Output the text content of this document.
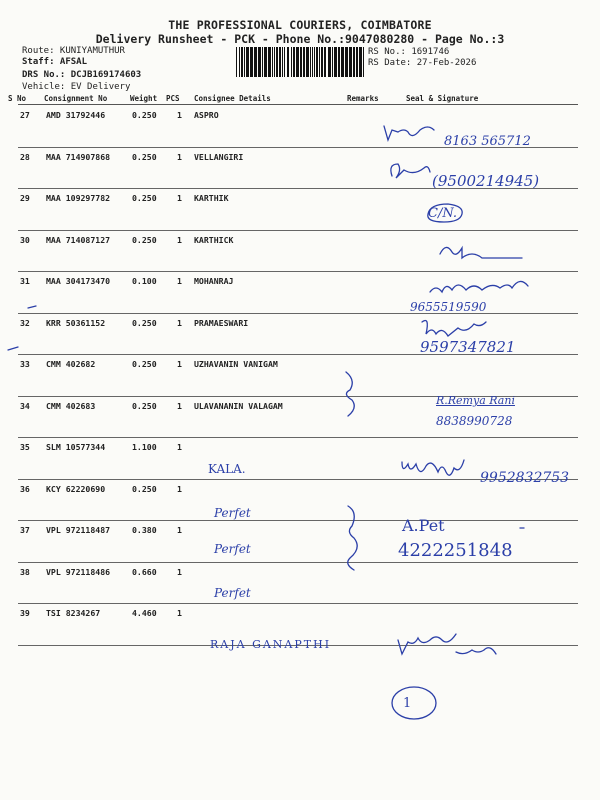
THE PROFESSIONAL COURIERS, COIMBATORE
Delivery Runsheet - PCK - Phone No.:9047080280 - Page No.:3
Route: KUNIYAMUTHUR
Staff: AFSAL
DRS No.: DCJB169174603
Vehicle: EV Delivery
RS No.: 1691746
RS Date: 27-Feb-2026
S No Consignment No	Weight PCS Consignee Details	Remarks	Seal & Signature
27 AMD 31792446	0.250 1 ASPRO
28 MAA 714907868	0.250 1 VELLANGIRI
29 MAA 109297782	0.250 1 KARTHIK
30 MAA 714087127	0.250 1 KARTHICK
31 MAA 304173470	0.100 1 MOHANRAJ
32 KRR 50361152	0.250 1 PRAMAESWARI
33 CMM 402682	0.250 1 UZHAVANIN VANIGAM
34 CMM 402683	0.250 1 ULAVANANIN VALAGAM
35 SLM 10577344	1.100 1
36 KCY 62220690	0.250 1
37 VPL 972118487	0.380 1
38 VPL 972118486	0.660 1
39 TSI 8234267	4.460 1
8163 565712
(9500214945)
C/N.
9655519590
9597347821
R.Remya Rani
8838990728
KALA.
9952832753
Perfet
Perfet
A.Pet
4222251848
Perfet
RAJA GANAPTHI
1
